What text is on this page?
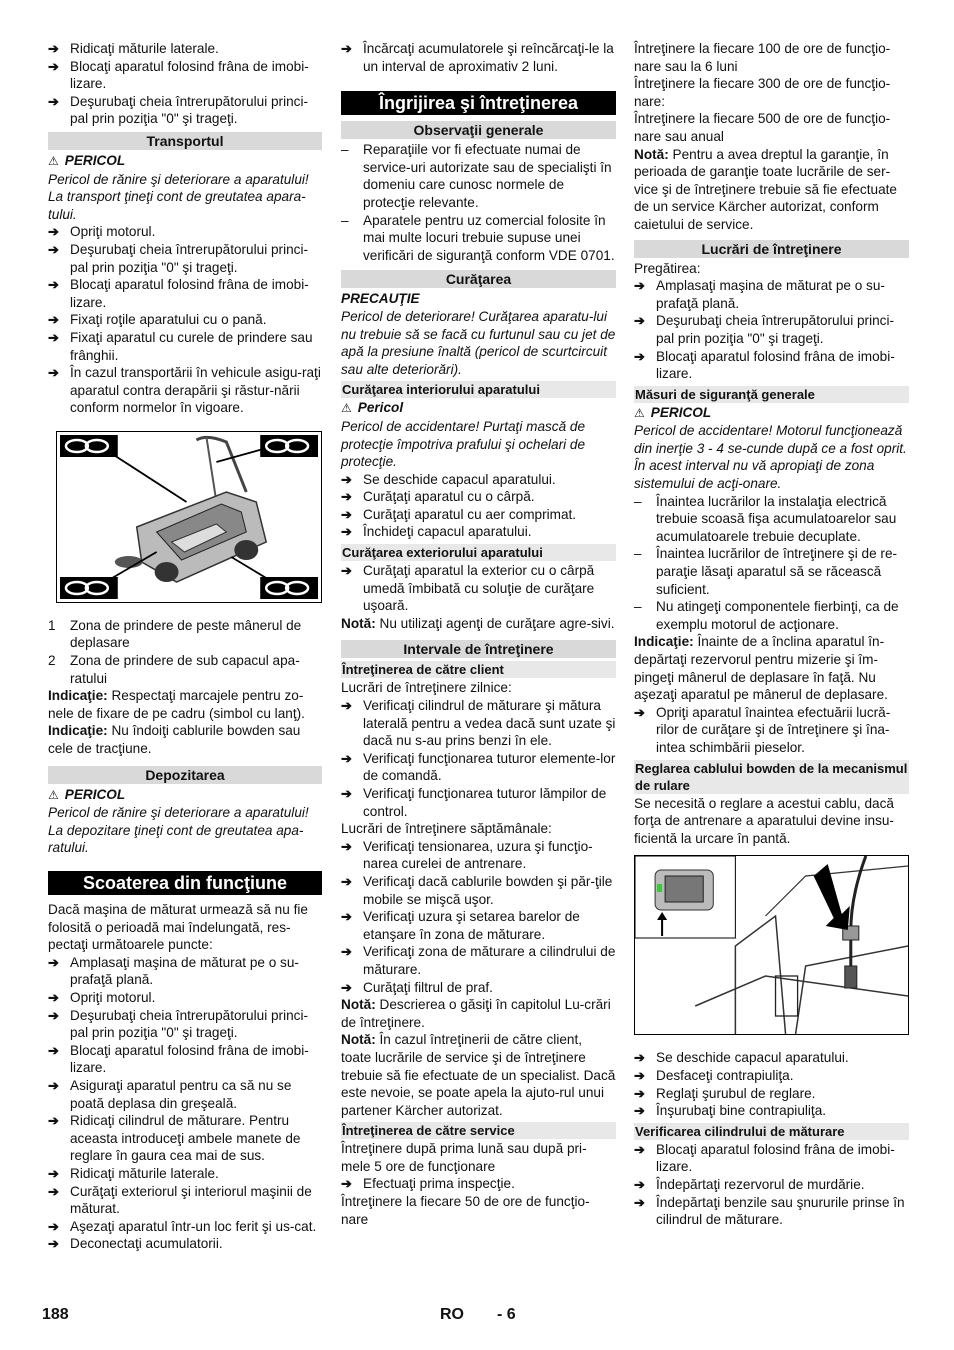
➔ Ridicaţi măturile laterale.

➔ Blocaţi aparatul folosind frâna de imobi-lizare.

➔ Deşurubaţi cheia întrerupătorului princi-pal prin poziţia "0" şi trageţi.

Transportul

⚠ PERICOL

Pericol de rănire şi deteriorare a aparatului! La transport ţineţi cont de greutatea apara-tului.

➔ Opriţi motorul.

➔ Deşurubaţi cheia întrerupătorului princi-pal prin poziţia "0" şi trageţi.

➔ Blocaţi aparatul folosind frâna de imobi-lizare.

➔ Fixaţi roţile aparatului cu o pană.

➔ Fixaţi aparatul cu curele de prindere sau frânghii.

➔ În cazul transportării în vehicule asigu-raţi aparatul contra derapării şi răstur-nării conform normelor în vigoare.

1 Zona de prindere de peste mânerul de deplasare

2 Zona de prindere de sub capacul apa-ratului

Indicaţie: Respectaţi marcajele pentru zo-nele de fixare de pe cadru (simbol cu lanţ).

Indicaţie: Nu îndoiţi cablurile bowden sau cele de tracţiune.

Depozitarea

⚠ PERICOL

Pericol de rănire şi deteriorare a aparatului! La depozitare ţineţi cont de greutatea apa-ratului.

Scoaterea din funcţiune

Dacă maşina de măturat urmează să nu fie folosită o perioadă mai îndelungată, res-pectaţi următoarele puncte:

➔ Amplasaţi maşina de măturat pe o su-prafaţă plană.

➔ Opriţi motorul.

➔ Deşurubaţi cheia întrerupătorului princi-pal prin poziţia "0" şi trageţi.

➔ Blocaţi aparatul folosind frâna de imobi-lizare.

➔ Asiguraţi aparatul pentru ca să nu se poată deplasa din greşeală.

➔ Ridicaţi cilindrul de măturare. Pentru aceasta introduceţi ambele manete de reglare în gaura cea mai de sus.

➔ Ridicaţi măturile laterale.

➔ Curăţaţi exteriorul şi interiorul maşinii de măturat.

➔ Aşezaţi aparatul într-un loc ferit şi us-cat.

➔ Deconectaţi acumulatorii.

➔ Încărcaţi acumulatorele şi reîncărcaţi-le la un interval de aproximativ 2 luni.

Îngrijirea şi întreţinerea
Observaţii generale

– Reparaţiile vor fi efectuate numai de service-uri autorizate sau de specialişti în domeniu care cunosc normele de protecţie relevante.

– Aparatele pentru uz comercial folosite în mai multe locuri trebuie supuse unei verificări de siguranţă conform VDE 0701.

Curăţarea

PRECAUŢIE

Pericol de deteriorare! Curăţarea aparatu-lui nu trebuie să se facă cu furtunul sau cu jet de apă la presiune înaltă (pericol de scurtcircuit sau alte deteriorări).

Curăţarea interiorului aparatului

⚠ Pericol

Pericol de accidentare! Purtaţi mască de protecţie împotriva prafului şi ochelari de protecţie.

➔ Se deschide capacul aparatului.

➔ Curăţaţi aparatul cu o cârpă.

➔ Curăţaţi aparatul cu aer comprimat.

➔ Închideţi capacul aparatului.

Curăţarea exteriorului aparatului

➔ Curăţaţi aparatul la exterior cu o cârpă umedă îmbibată cu soluţie de curăţare uşoară.

Notă: Nu utilizaţi agenţi de curăţare agre-sivi.

Intervale de întreţinere
Întreţinerea de către client

Lucrări de întreţinere zilnice:

➔ Verificaţi cilindrul de măturare şi mătura laterală pentru a vedea dacă sunt uzate şi dacă nu s-au prins benzi în ele.

➔ Verificaţi funcţionarea tuturor elemente-lor de comandă.

➔ Verificaţi funcţionarea tuturor lămpilor de control.

Lucrări de întreţinere săptămânale:

➔ Verificaţi tensionarea, uzura şi funcţio-narea curelei de antrenare.

➔ Verificaţi dacă cablurile bowden şi păr-ţile mobile se mişcă uşor.

➔ Verificaţi uzura şi setarea barelor de etanşare în zona de măturare.

➔ Verificaţi zona de măturare a cilindrului de măturare.

➔ Curăţaţi filtrul de praf.

Notă: Descrierea o găsiţi în capitolul Lu-crări de întreţinere.

Notă: În cazul întreţinerii de către client, toate lucrările de service şi de întreţinere trebuie să fie efectuate de un specialist. Dacă este nevoie, se poate apela la ajuto-rul unui partener Kärcher autorizat.

Întreţinerea de către service

Întreţinere după prima lună sau după pri-mele 5 ore de funcţionare

➔ Efectuaţi prima inspecţie.

Întreţinere la fiecare 50 de ore de funcţio-nare

Întreţinere la fiecare 100 de ore de funcţio-nare sau la 6 luni

Întreţinere la fiecare 300 de ore de funcţio-nare:

Întreţinere la fiecare 500 de ore de funcţio-nare sau anual

Notă: Pentru a avea dreptul la garanţie, în perioada de garanţie toate lucrările de ser-vice şi de întreţinere trebuie să fie efectuate de un service Kärcher autorizat, conform caietului de service.

Lucrări de întreţinere

Pregătirea:

➔ Amplasaţi maşina de măturat pe o su-prafaţă plană.

➔ Deşurubaţi cheia întrerupătorului princi-pal prin poziţia "0" şi trageţi.

➔ Blocaţi aparatul folosind frâna de imobi-lizare.

Măsuri de siguranţă generale

⚠ PERICOL

Pericol de accidentare! Motorul funcţionează din inerţie 3 - 4 se-cunde după ce a fost oprit. În acest interval nu vă apropiaţi de zona sistemului de acţi-onare.

– Înaintea lucrărilor la instalaţia electrică trebuie scoasă fişa acumulatoarelor sau acumulatoarele trebuie decuplate.

– Înaintea lucrărilor de întreţinere şi de re-paraţie lăsaţi aparatul să se răcească suficient.

– Nu atingeţi componentele fierbinţi, ca de exemplu motorul de acţionare.

Indicaţie: Înainte de a înclina aparatul în-depărtaţi rezervorul pentru mizerie şi îm-pingeţi mânerul de deplasare în faţă. Nu aşezaţi aparatul pe mânerul de deplasare.

➔ Opriţi aparatul înaintea efectuării lucră-rilor de curăţare şi de întreţinere şi îna-intea schimbării pieselor.

Reglarea cablului bowden de la mecanismul de rulare

Se necesită o reglare a acestui cablu, dacă forţa de antrenare a aparatului devine insu-ficientă la urcare în pantă.

➔ Se deschide capacul aparatului.

➔ Desfaceţi contrapiuliţa.

➔ Reglaţi şurubul de reglare.

➔ Înşurubaţi bine contrapiuliţa.

Verificarea cilindrului de măturare

➔ Blocaţi aparatul folosind frâna de imobi-lizare.

➔ Îndepărtaţi rezervorul de murdărie.

➔ Îndepărtaţi benzile sau şnururile prinse în cilindrul de măturare.

188	RO - 6
